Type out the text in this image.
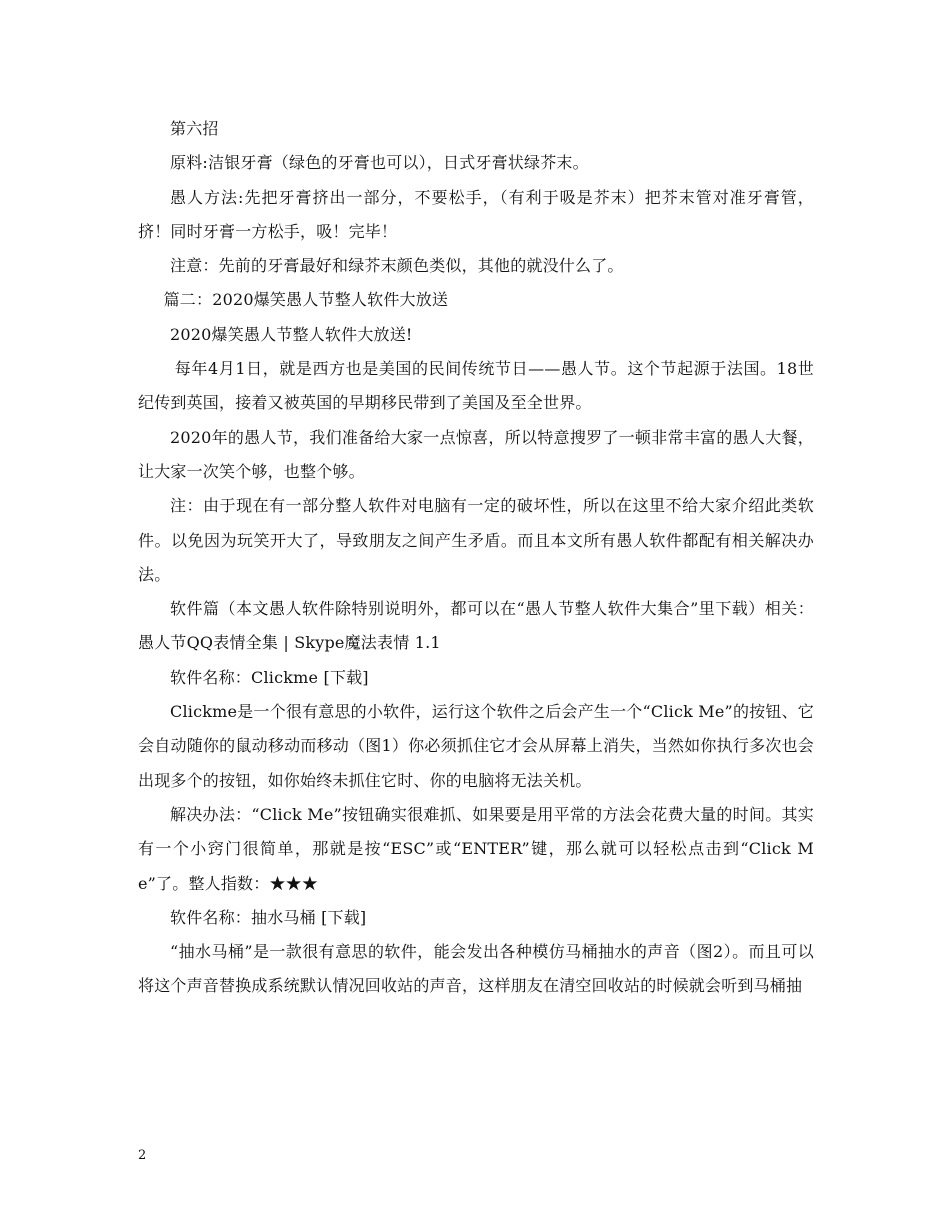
第六招

原料:洁银牙膏（绿色的牙膏也可以），日式牙膏状绿芥末。

愚人方法:先把牙膏挤出一部分，不要松手，（有利于吸是芥末）把芥末管对准牙膏管，挤！同时牙膏一方松手，吸！完毕！

注意：先前的牙膏最好和绿芥末颜色类似，其他的就没什么了。

篇二：2020爆笑愚人节整人软件大放送

2020爆笑愚人节整人软件大放送!

每年4月1日，就是西方也是美国的民间传统节日——愚人节。这个节起源于法国。18世纪传到英国，接着又被英国的早期移民带到了美国及至全世界。

2020年的愚人节，我们准备给大家一点惊喜，所以特意搜罗了一顿非常丰富的愚人大餐，让大家一次笑个够，也整个够。

注：由于现在有一部分整人软件对电脑有一定的破坏性，所以在这里不给大家介绍此类软件。以免因为玩笑开大了，导致朋友之间产生矛盾。而且本文所有愚人软件都配有相关解决办法。

软件篇（本文愚人软件除特别说明外，都可以在“愚人节整人软件大集合”里下载）相关：愚人节QQ表情全集 | Skype魔法表情 1.1

软件名称：Clickme [下载]

Clickme是一个很有意思的小软件，运行这个软件之后会产生一个“Click Me”的按钮、它会自动随你的鼠动移动而移动（图1）你必须抓住它才会从屏幕上消失，当然如你执行多次也会出现多个的按钮，如你始终未抓住它时、你的电脑将无法关机。

解决办法：“Click Me”按钮确实很难抓、如果要是用平常的方法会花费大量的时间。其实有一个小窍门很简单，那就是按“ESC”或“ENTER”键，那么就可以轻松点击到“Click Me”了。整人指数：★★★

软件名称：抽水马桶 [下载]

“抽水马桶”是一款很有意思的软件，能会发出各种模仿马桶抽水的声音（图2）。而且可以将这个声音替换成系统默认情况回收站的声音，这样朋友在清空回收站的时候就会听到马桶抽

2
